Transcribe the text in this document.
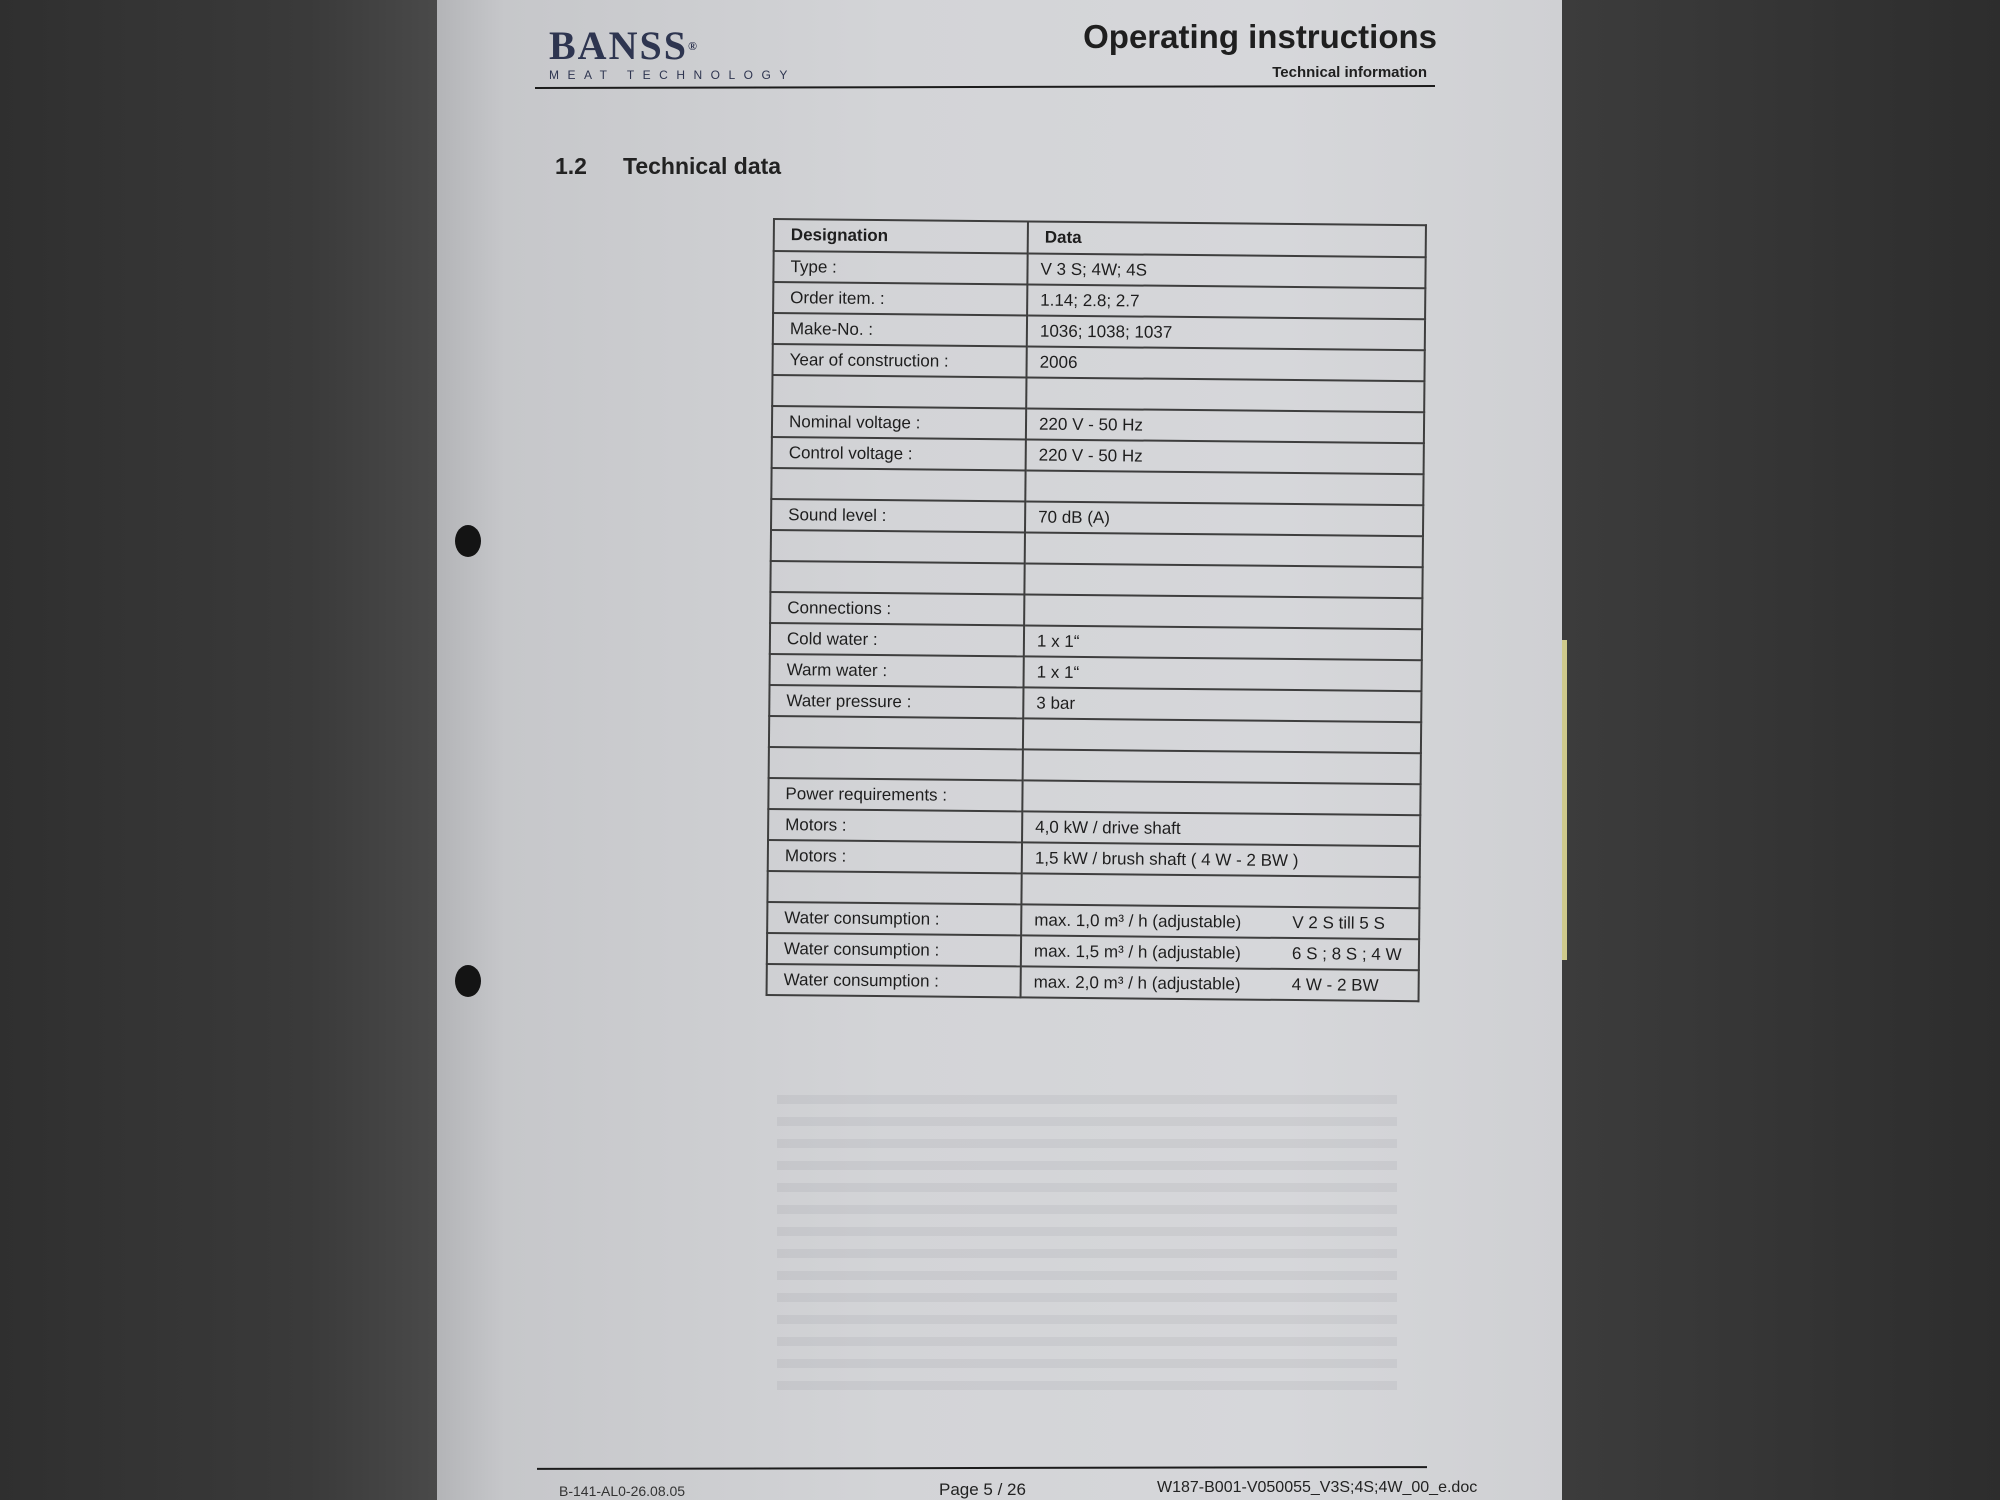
BANSS®
MEAT TECHNOLOGY
Operating instructions
Technical information
1.2 Technical data
Designation	Data
Type :	V 3 S; 4W; 4S
Order item. :	1.14; 2.8; 2.7
Make-No. :	1036; 1038; 1037
Year of construction :	2006

Nominal voltage :	220 V - 50 Hz
Control voltage :	220 V - 50 Hz

Sound level :	70 dB (A)

Connections :	
Cold water :	1 x 1“
Warm water :	1 x 1“
Water pressure :	3 bar

Power requirements :	
Motors :	4,0 kW / drive shaft
Motors :	1,5 kW / brush shaft ( 4 W - 2 BW )

Water consumption :	max. 1,0 m³ / h (adjustable) V 2 S till 5 S

Water consumption :	max. 1,5 m³ / h (adjustable) 6 S ; 8 S ; 4 W

Water consumption :	max. 2,0 m³ / h (adjustable) 4 W - 2 BW
B-141-AL0-26.08.05	Page 5 / 26	W187-B001-V050055_V3S;4S;4W_00_e.doc
